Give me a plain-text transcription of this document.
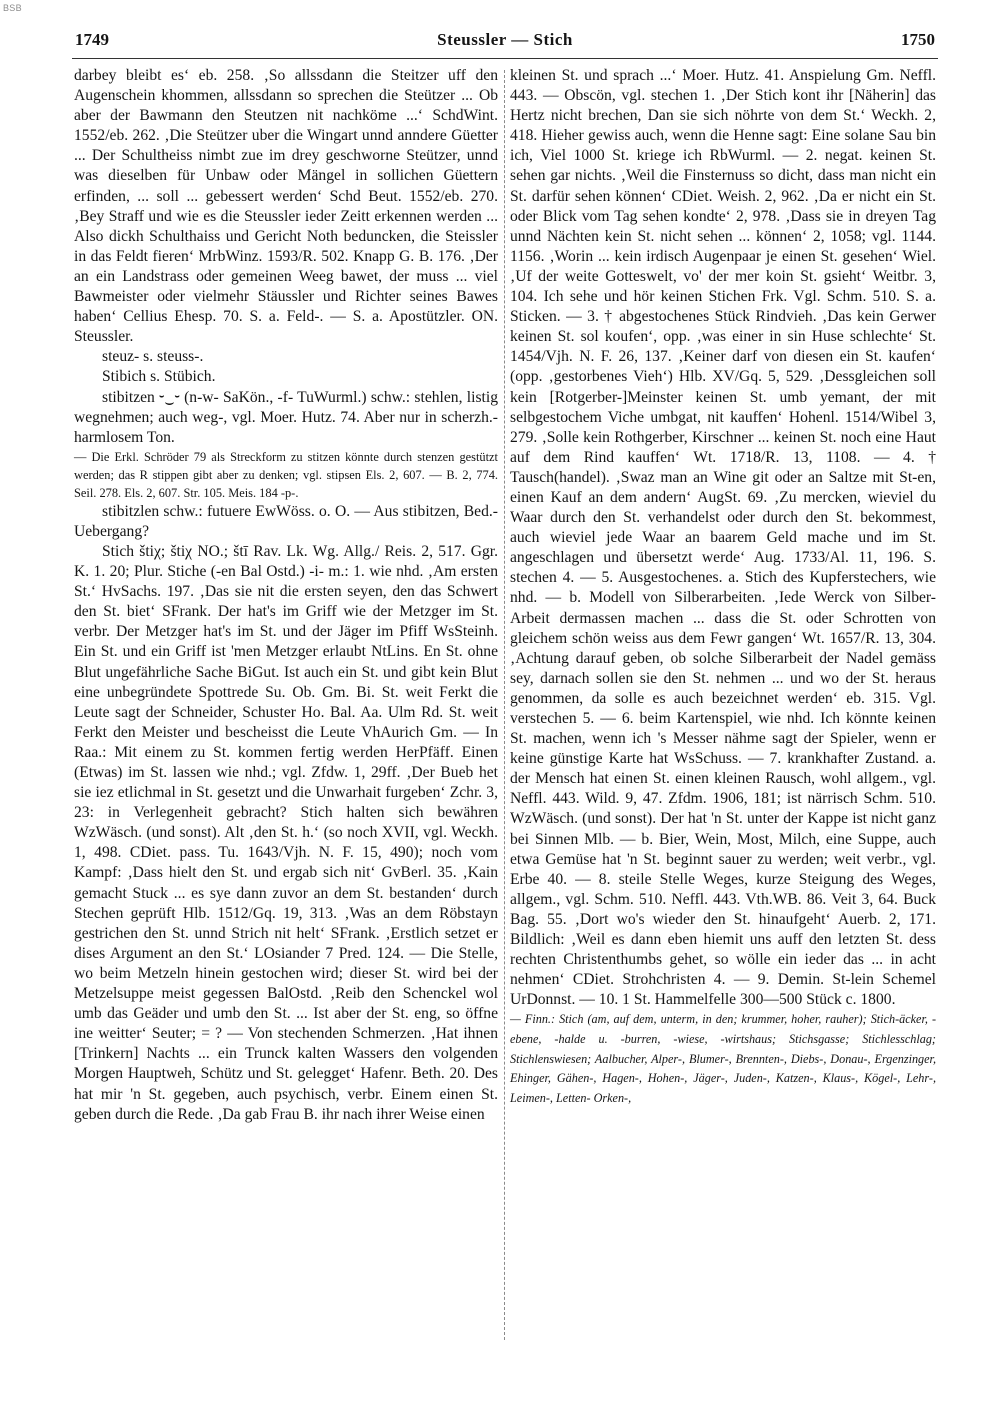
BSB
1749	Steussler — Stich	1750

darbey bleibt es‘ eb. 258. ‚So allssdann die Steitzer uff den Augenschein khommen, allssdann so sprechen die Steützer ... Ob aber der Bawmann den Steutzen nit nachköme ...‘ SchdWint. 1552/eb. 262. ‚Die Steützer uber die Wingart unnd anndere Güetter ... Der Schultheiss nimbt zue im drey geschworne Steützer, unnd was dieselben für Unbaw oder Mängel in sollichen Güettern erfinden, ... soll ... gebessert werden‘ Schd Beut. 1552/eb. 270. ‚Bey Straff und wie es die Steussler ieder Zeitt erkennen werden ... Also dickh Schulthaiss und Gericht Noth beduncken, die Steissler in das Feldt fieren‘ MrbWinz. 1593/R. 502. Knapp G. B. 176. ‚Der an ein Landstrass oder gemeinen Weeg bawet, der muss ... viel Bawmeister oder vielmehr Stäussler und Richter seines Bawes haben‘ Cellius Ehesp. 70. S. a. Feld-. — S. a. Apostützler. ON. Steussler.

steuz- s. steuss-.

Stibich s. Stübich.

stibitzen ⏑‿⏑ (n-w- SaKön., -f- TuWurml.) schw.: stehlen, listig wegnehmen; auch weg-, vgl. Moer. Hutz. 74. Aber nur in scherzh.-harmlosem Ton.

— Die Erkl. Schröder 79 als Streckform zu stitzen könnte durch stenzen gestützt werden; das R stippen gibt aber zu denken; vgl. stipsen Els. 2, 607. — B. 2, 774. Seil. 278. Els. 2, 607. Str. 105. Meis. 184 -p-.

stibitzlen schw.: futuere EwWöss. o. O. — Aus stibitzen, Bed.-Uebergang?

Stich štiχ; štiχ NO.; štī Rav. Lk. Wg. Allg./ Reis. 2, 517. Ggr. K. 1. 20; Plur. Stiche (-en Bal Ostd.) -i- m.: 1. wie nhd. ‚Am ersten St.‘ HvSachs. 197. ‚Das sie nit die ersten seyen, den das Schwert den St. biet‘ SFrank. Der hat's im Griff wie der Metzger im St. verbr. Der Metzger hat's im St. und der Jäger im Pfiff WsSteinh. Ein St. und ein Griff ist 'men Metzger erlaubt NtLins. En St. ohne Blut ungefährliche Sache BiGut. Ist auch ein St. und gibt kein Blut eine unbegründete Spottrede Su. Ob. Gm. Bi. St. weit Ferkt die Leute sagt der Schneider, Schuster Ho. Bal. Aa. Ulm Rd. St. weit Ferkt den Meister und bescheisst die Leute VhAurich Gm. — In Raa.: Mit einem zu St. kommen fertig werden HerPfäff. Einen (Etwas) im St. lassen wie nhd.; vgl. Zfdw. 1, 29ff. ‚Der Bueb het sie iez etlichmal in St. gesetzt und die Unwarhait furgeben‘ Zchr. 3, 23: in Verlegenheit gebracht? Stich halten sich bewähren WzWäsch. (und sonst). Alt ‚den St. h.‘ (so noch XVII, vgl. Weckh. 1, 498. CDiet. pass. Tu. 1643/Vjh. N. F. 15, 490); noch vom Kampf: ‚Dass hielt den St. und ergab sich nit‘ GvBerl. 35. ‚Kain gemacht Stuck ... es sye dann zuvor an dem St. bestanden‘ durch Stechen geprüft Hlb. 1512/Gq. 19, 313. ‚Was an dem Röbstayn gestrichen den St. unnd Strich nit helt‘ SFrank. ‚Erstlich setzet er dises Argument an den St.‘ LOsiander 7 Pred. 124. — Die Stelle, wo beim Metzeln hinein gestochen wird; dieser St. wird bei der Metzelsuppe meist gegessen BalOstd. ‚Reib den Schenckel wol umb das Geäder und umb den St. ... Ist aber der St. eng, so öffne ine weitter‘ Seuter; = ? — Von stechenden Schmerzen. ‚Hat ihnen [Trinkern] Nachts ... ein Trunck kalten Wassers den volgenden Morgen Hauptweh, Schütz und St. gelegget‘ Hafenr. Beth. 20. Des hat mir 'n St. gegeben, auch psychisch, verbr. Einem einen St. geben durch die Rede. ‚Da gab Frau B. ihr nach ihrer Weise einen

kleinen St. und sprach ...‘ Moer. Hutz. 41. Anspielung Gm. Neffl. 443. — Obscön, vgl. stechen 1. ‚Der Stich kont ihr [Näherin] das Hertz nicht brechen, Dan sie sich nöhrte von dem St.‘ Weckh. 2, 418. Hieher gewiss auch, wenn die Henne sagt: Eine solane Sau bin ich, Viel 1000 St. kriege ich RbWurml. — 2. negat. keinen St. sehen gar nichts. ‚Weil die Finsternuss so dicht, dass man nicht ein St. darfür sehen können‘ CDiet. Weish. 2, 962. ‚Da er nicht ein St. oder Blick vom Tag sehen kondte‘ 2, 978. ‚Dass sie in dreyen Tag unnd Nächten kein St. nicht sehen ... können‘ 2, 1058; vgl. 1144. 1156. ‚Worin ... kein irdisch Augenpaar je einen St. gesehen‘ Wiel. ‚Uf der weite Gotteswelt, vo' der mer koin St. gsieht‘ Weitbr. 3, 104. Ich sehe und hör keinen Stichen Frk. Vgl. Schm. 510. S. a. Sticken. — 3. † abgestochenes Stück Rindvieh. ‚Das kein Gerwer keinen St. sol koufen‘, opp. ‚was einer in sin Huse schlechte‘ St. 1454/Vjh. N. F. 26, 137. ‚Keiner darf von diesen ein St. kaufen‘ (opp. ‚gestorbenes Vieh‘) Hlb. XV/Gq. 5, 529. ‚Dessgleichen soll kein [Rotgerber-]Meinster keinen St. umb yemant, der mit selbgestochem Viche umbgat, nit kauffen‘ Hohenl. 1514/Wibel 3, 279. ‚Solle kein Rothgerber, Kirschner ... keinen St. noch eine Haut auf dem Rind kauffen‘ Wt. 1718/R. 13, 1108. — 4. † Tausch(handel). ‚Swaz man an Wine git oder an Saltze mit St-en, einen Kauf an dem andern‘ AugSt. 69. ‚Zu mercken, wieviel du Waar durch den St. verhandelst oder durch den St. bekommest, auch wieviel jede Waar an baarem Geld mache und im St. angeschlagen und übersetzt werde‘ Aug. 1733/Al. 11, 196. S. stechen 4. — 5. Ausgestochenes. a. Stich des Kupferstechers, wie nhd. — b. Modell von Silberarbeiten. ‚Iede Werck von Silber-Arbeit dermassen machen ... dass die St. oder Schrotten von gleichem schön weiss aus dem Fewr gangen‘ Wt. 1657/R. 13, 304. ‚Achtung darauf geben, ob solche Silberarbeit der Nadel gemäss sey, darnach sollen sie den St. nehmen ... und wo der St. heraus genommen, da solle es auch bezeichnet werden‘ eb. 315. Vgl. verstechen 5. — 6. beim Kartenspiel, wie nhd. Ich könnte keinen St. machen, wenn ich 's Messer nähme sagt der Spieler, wenn er keine günstige Karte hat WsSchuss. — 7. krankhafter Zustand. a. der Mensch hat einen St. einen kleinen Rausch, wohl allgem., vgl. Neffl. 443. Wild. 9, 47. Zfdm. 1906, 181; ist närrisch Schm. 510. WzWäsch. (und sonst). Der hat 'n St. unter der Kappe ist nicht ganz bei Sinnen Mlb. — b. Bier, Wein, Most, Milch, eine Suppe, auch etwa Gemüse hat 'n St. beginnt sauer zu werden; weit verbr., vgl. Erbe 40. — 8. steile Stelle Weges, kurze Steigung des Weges, allgem., vgl. Schm. 510. Neffl. 443. Vth.WB. 86. Veit 3, 64. Buck Bag. 55. ‚Dort wo's wieder den St. hinaufgeht‘ Auerb. 2, 171. Bildlich: ‚Weil es dann eben hiemit uns auff den letzten St. dess rechten Christenthumbs gehet, so wölle ein ieder das ... in acht nehmen‘ CDiet. Strohchristen 4. — 9. Demin. St-lein Schemel UrDonnst. — 10. 1 St. Hammelfelle 300—500 Stück c. 1800.

— Finn.: Stich (am, auf dem, unterm, in den; krummer, hoher, rauher); Stich-äcker, -ebene, -halde u. -burren, -wiese, -wirtshaus; Stichsgasse; Stichlesschlag; Stichlenswiesen; Aalbucher, Alper-, Blumer-, Brennten-, Diebs-, Donau-, Ergenzinger, Ehinger, Gähen-, Hagen-, Hohen-, Jäger-, Juden-, Katzen-, Klaus-, Kögel-, Lehr-, Leimen-, Letten- Orken-,
